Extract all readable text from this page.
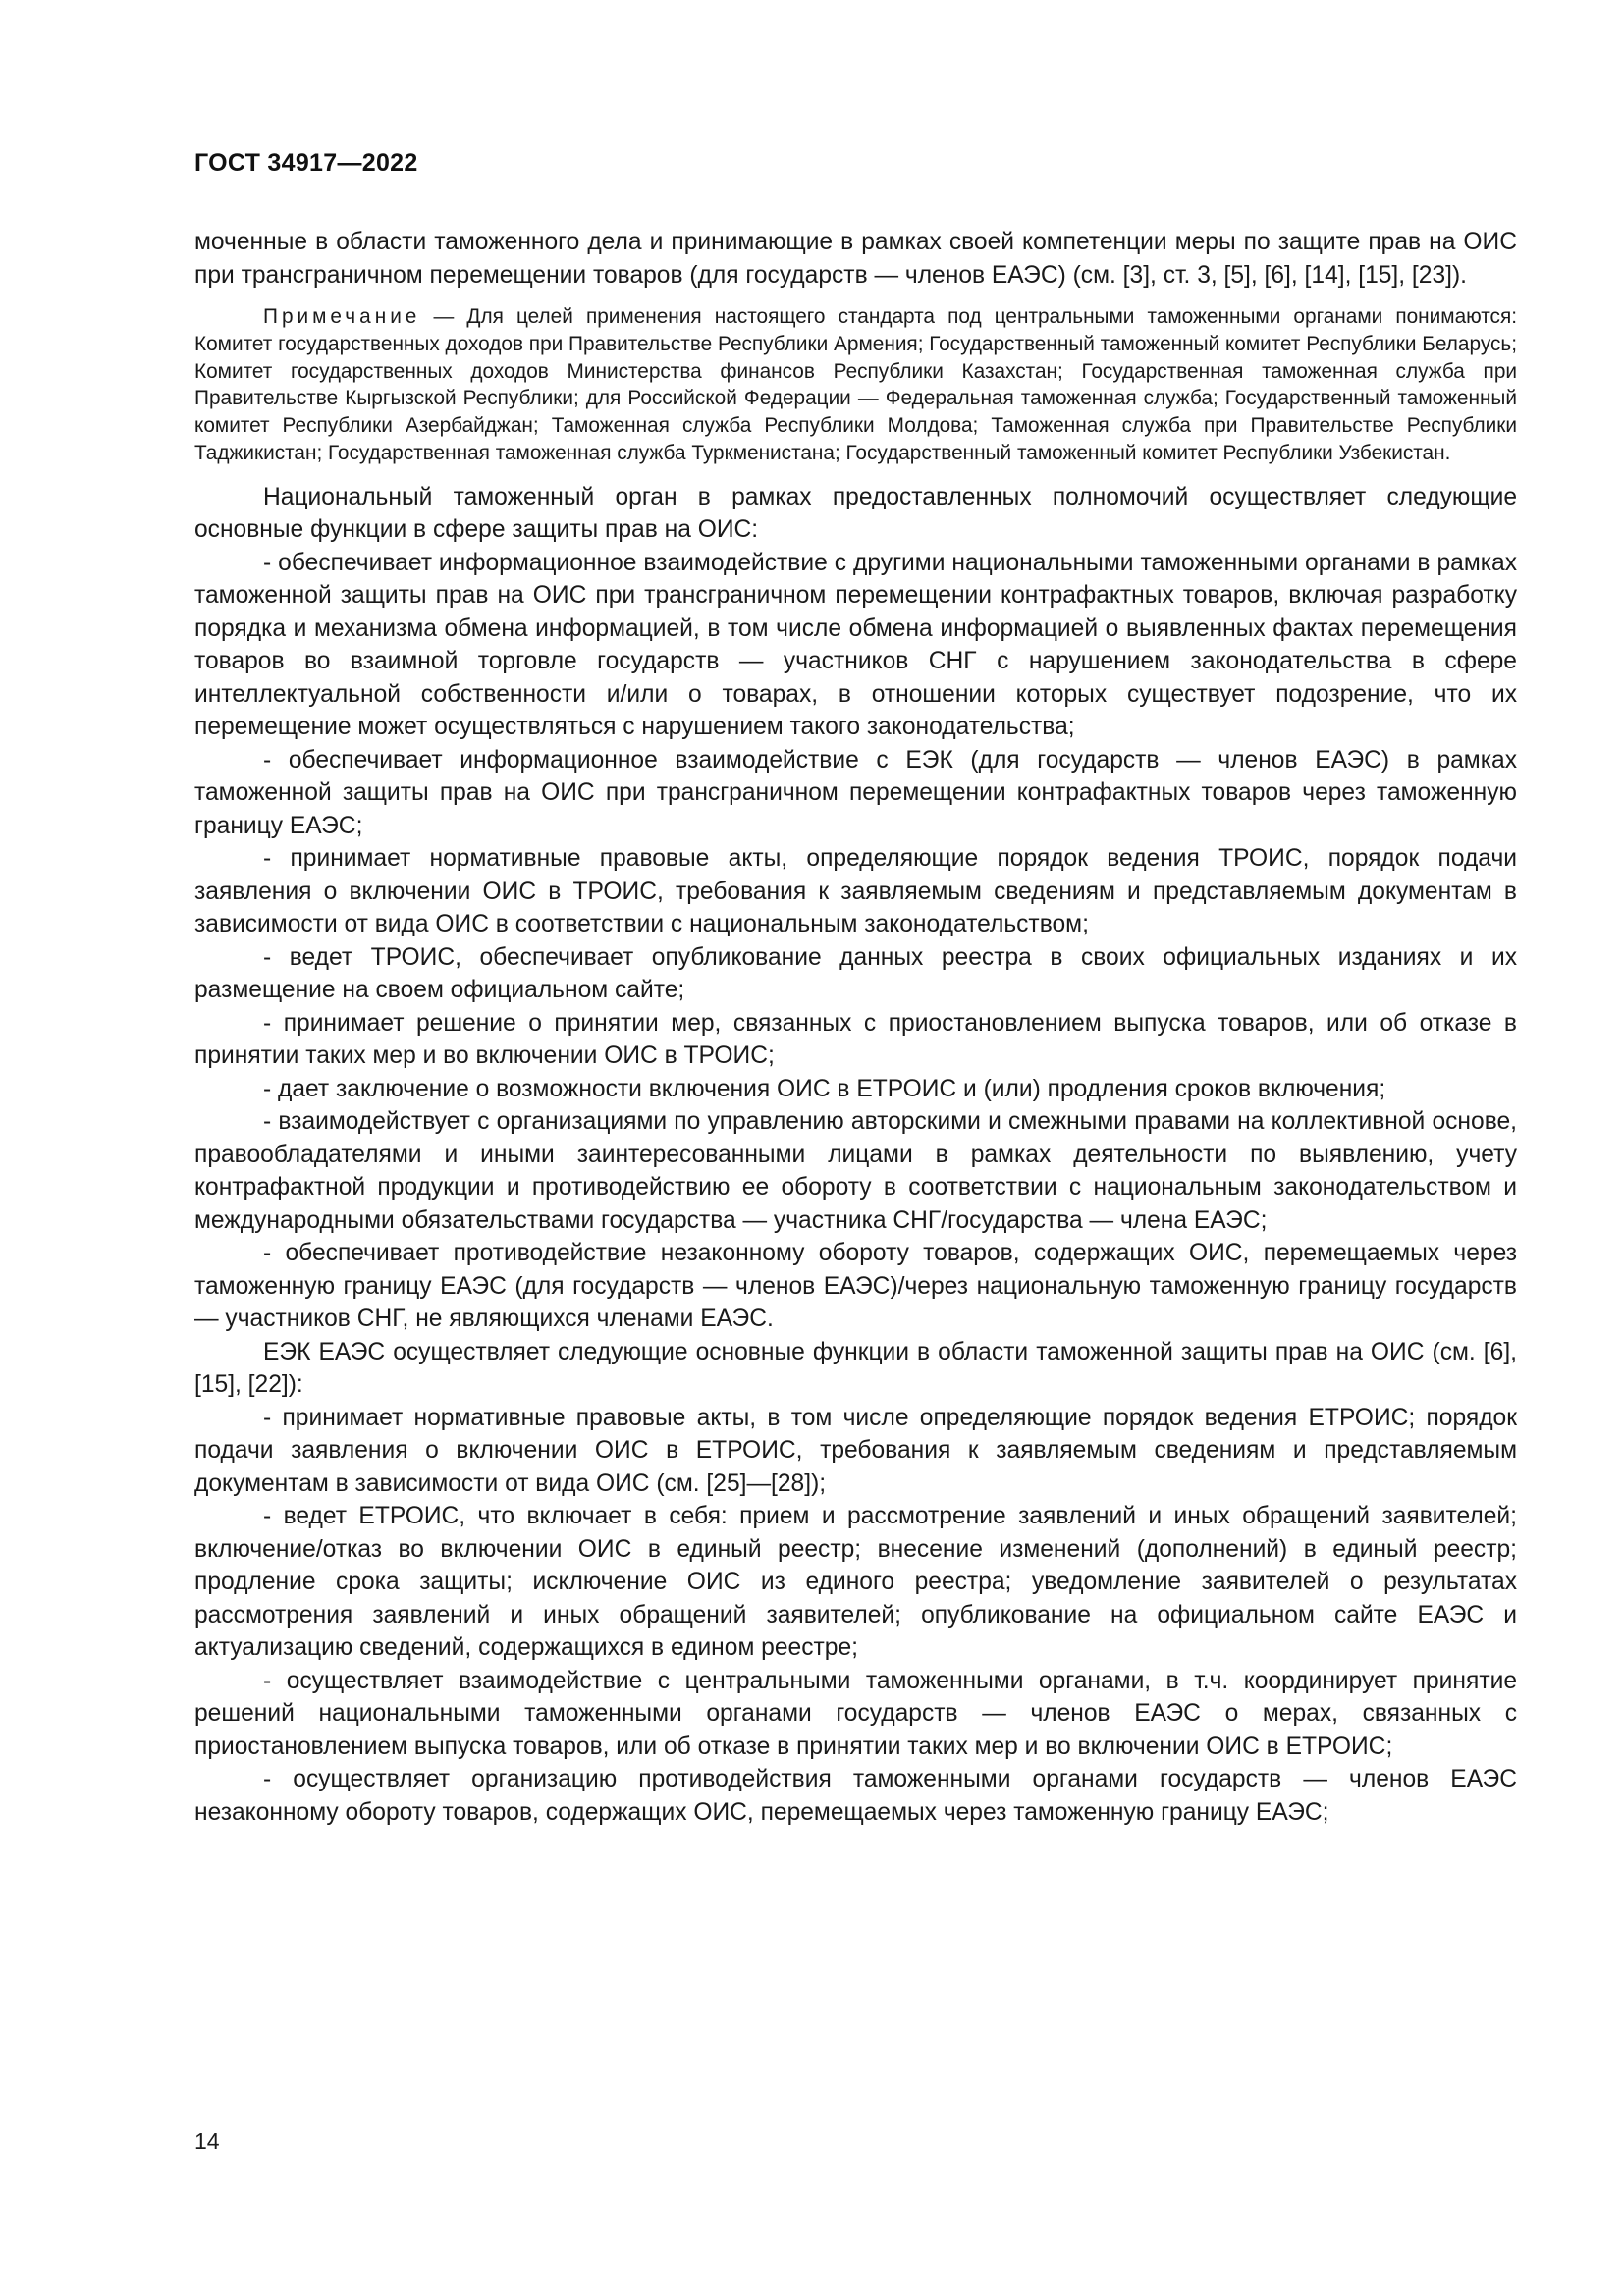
ГОСТ 34917—2022

моченные в области таможенного дела и принимающие в рамках своей компетенции меры по защите прав на ОИС при трансграничном перемещении товаров (для государств — членов ЕАЭС) (см. [3], ст. 3, [5], [6], [14], [15], [23]).

Примечание — Для целей применения настоящего стандарта под центральными таможенными органами понимаются: Комитет государственных доходов при Правительстве Республики Армения; Государственный таможенный комитет Республики Беларусь; Комитет государственных доходов Министерства финансов Республики Казахстан; Государственная таможенная служба при Правительстве Кыргызской Республики; для Российской Федерации — Федеральная таможенная служба; Государственный таможенный комитет Республики Азербайджан; Таможенная служба Республики Молдова; Таможенная служба при Правительстве Республики Таджикистан; Государственная таможенная служба Туркменистана; Государственный таможенный комитет Республики Узбекистан.

Национальный таможенный орган в рамках предоставленных полномочий осуществляет следующие основные функции в сфере защиты прав на ОИС:

- обеспечивает информационное взаимодействие с другими национальными таможенными органами в рамках таможенной защиты прав на ОИС при трансграничном перемещении контрафактных товаров, включая разработку порядка и механизма обмена информацией, в том числе обмена информацией о выявленных фактах перемещения товаров во взаимной торговле государств — участников СНГ с нарушением законодательства в сфере интеллектуальной собственности и/или о товарах, в отношении которых существует подозрение, что их перемещение может осуществляться с нарушением такого законодательства;

- обеспечивает информационное взаимодействие с ЕЭК (для государств — членов ЕАЭС) в рамках таможенной защиты прав на ОИС при трансграничном перемещении контрафактных товаров через таможенную границу ЕАЭС;

- принимает нормативные правовые акты, определяющие порядок ведения ТРОИС, порядок подачи заявления о включении ОИС в ТРОИС, требования к заявляемым сведениям и представляемым документам в зависимости от вида ОИС в соответствии с национальным законодательством;

- ведет ТРОИС, обеспечивает опубликование данных реестра в своих официальных изданиях и их размещение на своем официальном сайте;

- принимает решение о принятии мер, связанных с приостановлением выпуска товаров, или об отказе в принятии таких мер и во включении ОИС в ТРОИС;

- дает заключение о возможности включения ОИС в ЕТРОИС и (или) продления сроков включения;

- взаимодействует с организациями по управлению авторскими и смежными правами на коллективной основе, правообладателями и иными заинтересованными лицами в рамках деятельности по выявлению, учету контрафактной продукции и противодействию ее обороту в соответствии с национальным законодательством и международными обязательствами государства — участника СНГ/государства — члена ЕАЭС;

- обеспечивает противодействие незаконному обороту товаров, содержащих ОИС, перемещаемых через таможенную границу ЕАЭС (для государств — членов ЕАЭС)/через национальную таможенную границу государств — участников СНГ, не являющихся членами ЕАЭС.

ЕЭК ЕАЭС осуществляет следующие основные функции в области таможенной защиты прав на ОИС (см. [6], [15], [22]):

- принимает нормативные правовые акты, в том числе определяющие порядок ведения ЕТРОИС; порядок подачи заявления о включении ОИС в ЕТРОИС, требования к заявляемым сведениям и представляемым документам в зависимости от вида ОИС (см. [25]—[28]);

- ведет ЕТРОИС, что включает в себя: прием и рассмотрение заявлений и иных обращений заявителей; включение/отказ во включении ОИС в единый реестр; внесение изменений (дополнений) в единый реестр; продление срока защиты; исключение ОИС из единого реестра; уведомление заявителей о результатах рассмотрения заявлений и иных обращений заявителей; опубликование на официальном сайте ЕАЭС и актуализацию сведений, содержащихся в едином реестре;

- осуществляет взаимодействие с центральными таможенными органами, в т.ч. координирует принятие решений национальными таможенными органами государств — членов ЕАЭС о мерах, связанных с приостановлением выпуска товаров, или об отказе в принятии таких мер и во включении ОИС в ЕТРОИС;

- осуществляет организацию противодействия таможенными органами государств — членов ЕАЭС незаконному обороту товаров, содержащих ОИС, перемещаемых через таможенную границу ЕАЭС;

14
